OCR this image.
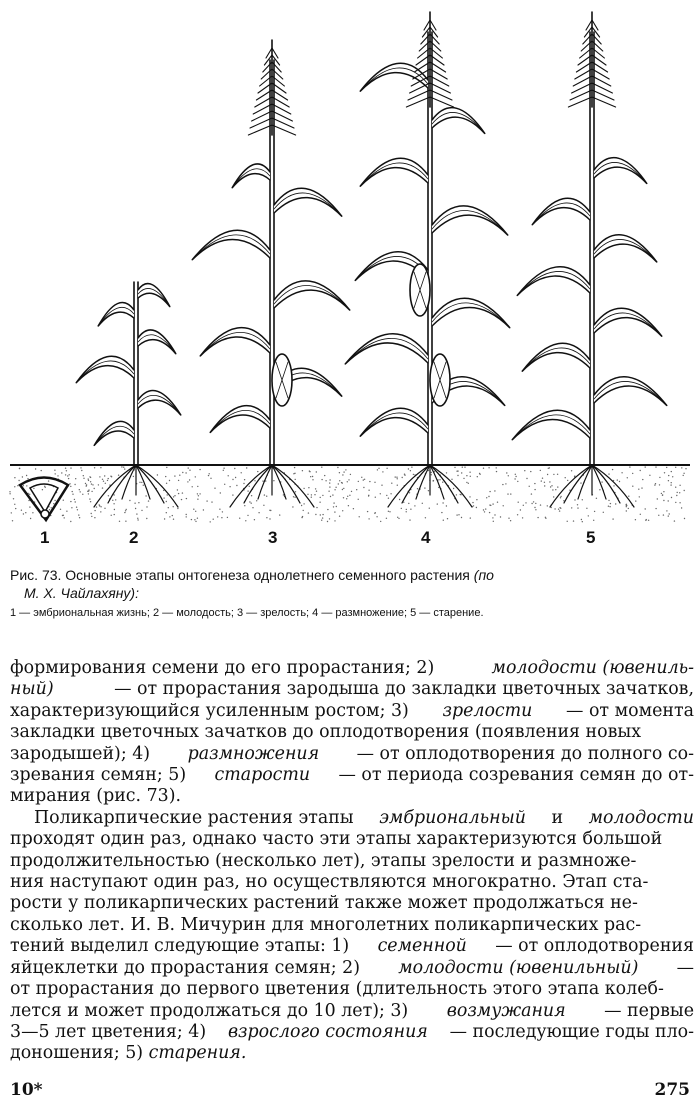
1	2	3	4	5
Рис. 73. Основные этапы онтогенеза однолетнего семенного растения (по
М. Х. Чайлахяну):
1 — эмбриональная жизнь; 2 — молодость; 3 — зрелость; 4 — размножение; 5 — старение.
формирования семени до его прорастания; 2)	молодости (ювениль-
ный)	— от прорастания зародыша до закладки цветочных зачатков,
характеризующийся усиленным ростом; 3) зрелости — от момента
закладки цветочных зачатков до оплодотворения (появления новых
зародышей); 4) размножения — от оплодотворения до полного со-
зревания семян; 5) старости — от периода созревания семян до от-
мирания (рис. 73).
Поликарпические растения этапы эмбриональный и молодости
проходят один раз, однако часто эти этапы характеризуются большой
продолжительностью (несколько лет), этапы зрелости и размноже-
ния наступают один раз, но осуществляются многократно. Этап ста-
рости у поликарпических растений также может продолжаться не-
сколько лет. И. В. Мичурин для многолетних поликарпических рас-
тений выделил следующие этапы: 1) семенной — от оплодотворения
яйцеклетки до прорастания семян; 2) молодости (ювенильный) —
от прорастания до первого цветения (длительность этого этапа колеб-
лется и может продолжаться до 10 лет); 3) возмужания — первые
3—5 лет цветения; 4) взрослого состояния — последующие годы пло-
доношения; 5) старения.
10*	275
